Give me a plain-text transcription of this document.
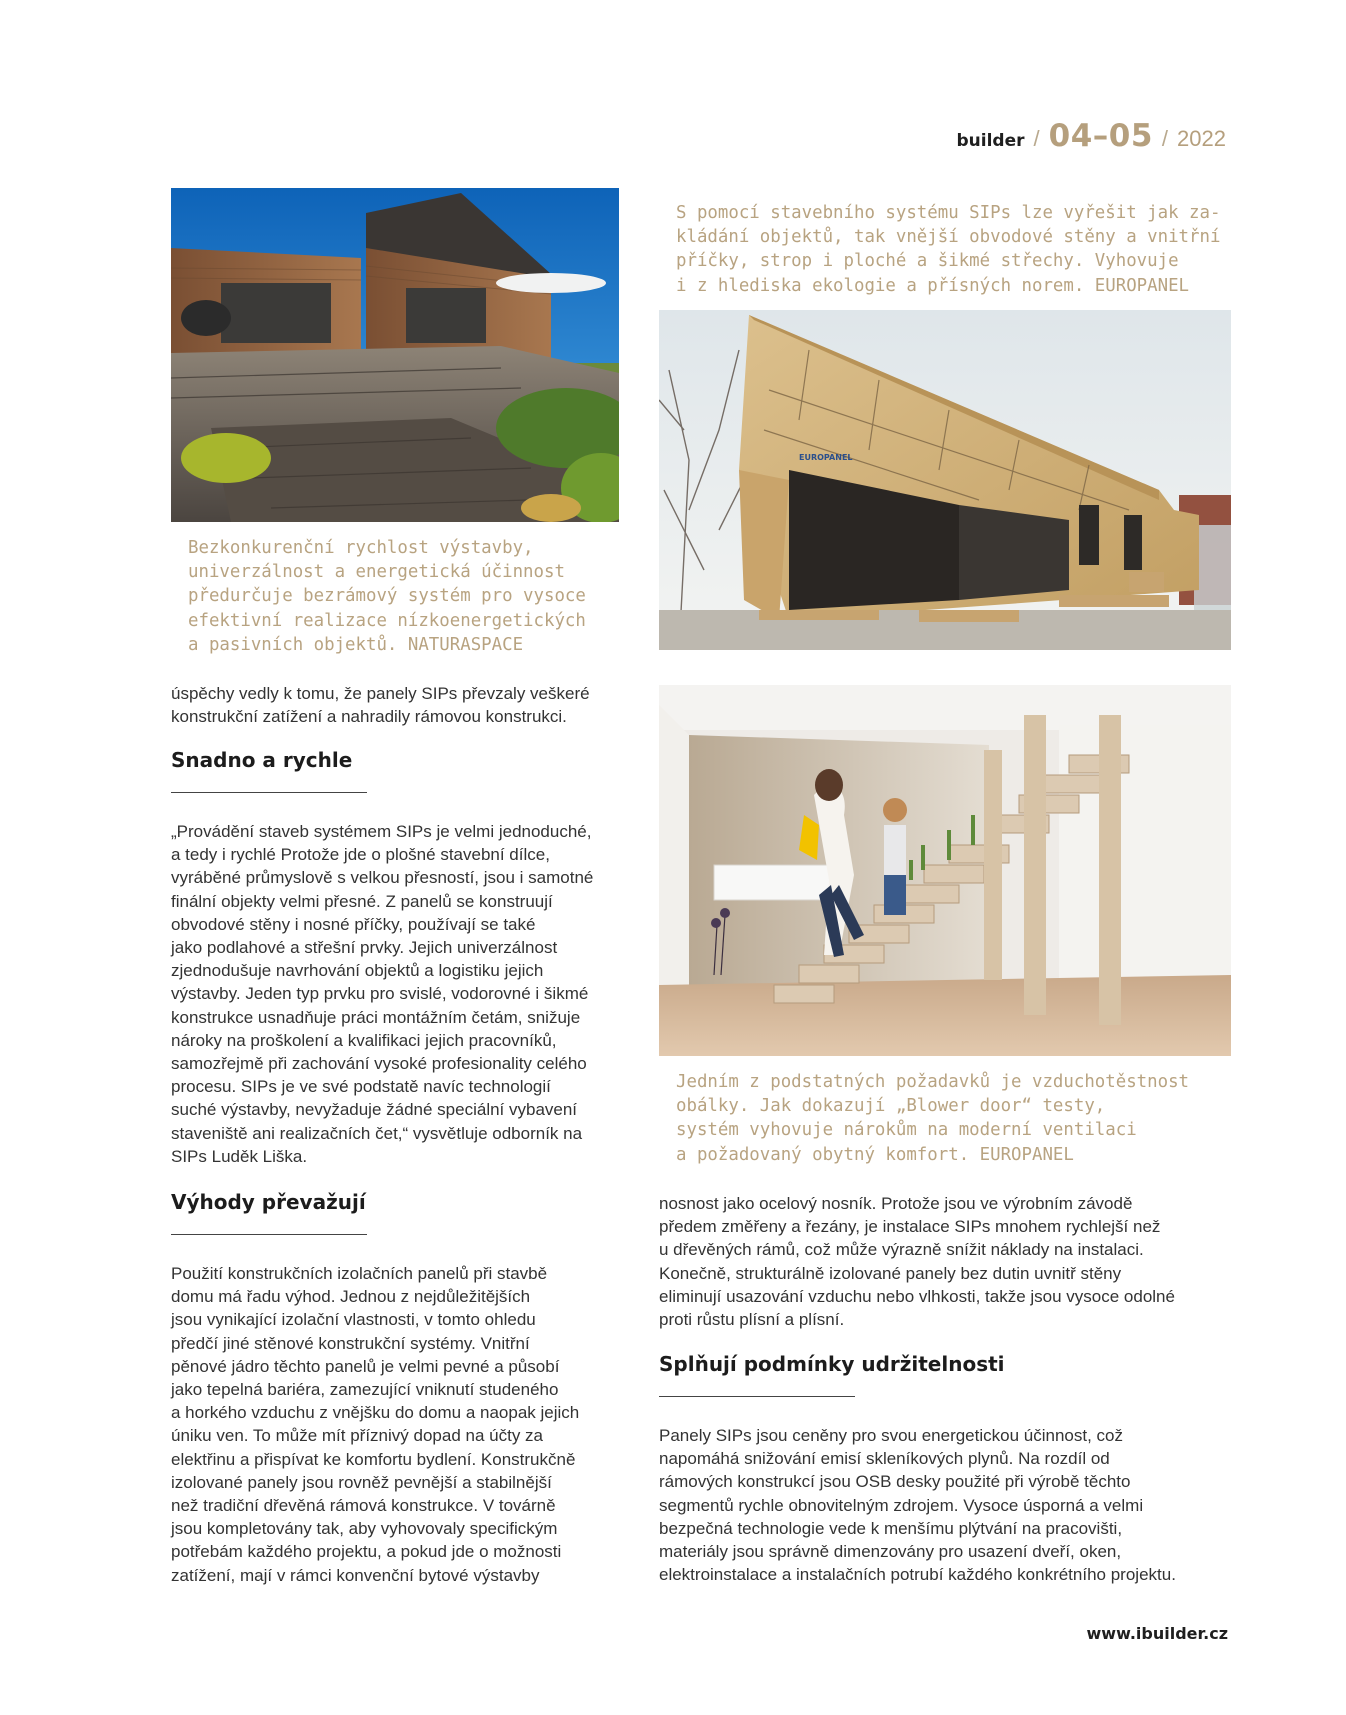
builder / 04–05 / 2022

Bezkonkurenční rychlost výstavby,

univerzálnost a energetická účinnost

předurčuje bezrámový systém pro vysoce

efektivní realizace nízkoenergetických

a pasivních objektů. NATURASPACE

S pomocí stavebního systému SIPs lze vyřešit jak za-

kládání objektů, tak vnější obvodové stěny a vnitřní

příčky, strop i ploché a šikmé střechy. Vyhovuje

i z hlediska ekologie a přísných norem. EUROPANEL

EUROPANEL

Jedním z podstatných požadavků je vzduchotěstnost

obálky. Jak dokazují „Blower door“ testy,

systém vyhovuje nárokům na moderní ventilaci

a požadovaný obytný komfort. EUROPANEL

úspěchy vedly k tomu, že panely SIPs převzaly veškeré

konstrukční zatížení a nahradily rámovou konstrukci.

Snadno a rychle

„Provádění staveb systémem SIPs je velmi jednoduché,

a tedy i rychlé Protože jde o plošné stavební dílce,

vyráběné průmyslově s velkou přesností, jsou i samotné

finální objekty velmi přesné. Z panelů se konstruují

obvodové stěny i nosné příčky, používají se také

jako podlahové a střešní prvky. Jejich univerzálnost

zjednodušuje navrhování objektů a logistiku jejich

výstavby. Jeden typ prvku pro svislé, vodorovné i šikmé

konstrukce usnadňuje práci montážním četám, snižuje

nároky na proškolení a kvalifikaci jejich pracovníků,

samozřejmě při zachování vysoké profesionality celého

procesu. SIPs je ve své podstatě navíc technologií

suché výstavby, nevyžaduje žádné speciální vybavení

staveniště ani realizačních čet,“ vysvětluje odborník na

SIPs Luděk Liška.

Výhody převažují

Použití konstrukčních izolačních panelů při stavbě

domu má řadu výhod. Jednou z nejdůležitějších

jsou vynikající izolační vlastnosti, v tomto ohledu

předčí jiné stěnové konstrukční systémy. Vnitřní

pěnové jádro těchto panelů je velmi pevné a působí

jako tepelná bariéra, zamezující vniknutí studeného

a horkého vzduchu z vnějšku do domu a naopak jejich

úniku ven. To může mít příznivý dopad na účty za

elektřinu a přispívat ke komfortu bydlení. Konstrukčně

izolované panely jsou rovněž pevnější a stabilnější

než tradiční dřevěná rámová konstrukce. V továrně

jsou kompletovány tak, aby vyhovovaly specifickým

potřebám každého projektu, a pokud jde o možnosti

zatížení, mají v rámci konvenční bytové výstavby

nosnost jako ocelový nosník. Protože jsou ve výrobním závodě

předem změřeny a řezány, je instalace SIPs mnohem rychlejší než

u dřevěných rámů, což může výrazně snížit náklady na instalaci.

Konečně, strukturálně izolované panely bez dutin uvnitř stěny

eliminují usazování vzduchu nebo vlhkosti, takže jsou vysoce odolné

proti růstu plísní a plísní.

Splňují podmínky udržitelnosti

Panely SIPs jsou ceněny pro svou energetickou účinnost, což

napomáhá snižování emisí skleníkových plynů. Na rozdíl od

rámových konstrukcí jsou OSB desky použité při výrobě těchto

segmentů rychle obnovitelným zdrojem. Vysoce úsporná a velmi

bezpečná technologie vede k menšímu plýtvání na pracovišti,

materiály jsou správně dimenzovány pro usazení dveří, oken,

elektroinstalace a instalačních potrubí každého konkrétního projektu.

www.ibuilder.cz
